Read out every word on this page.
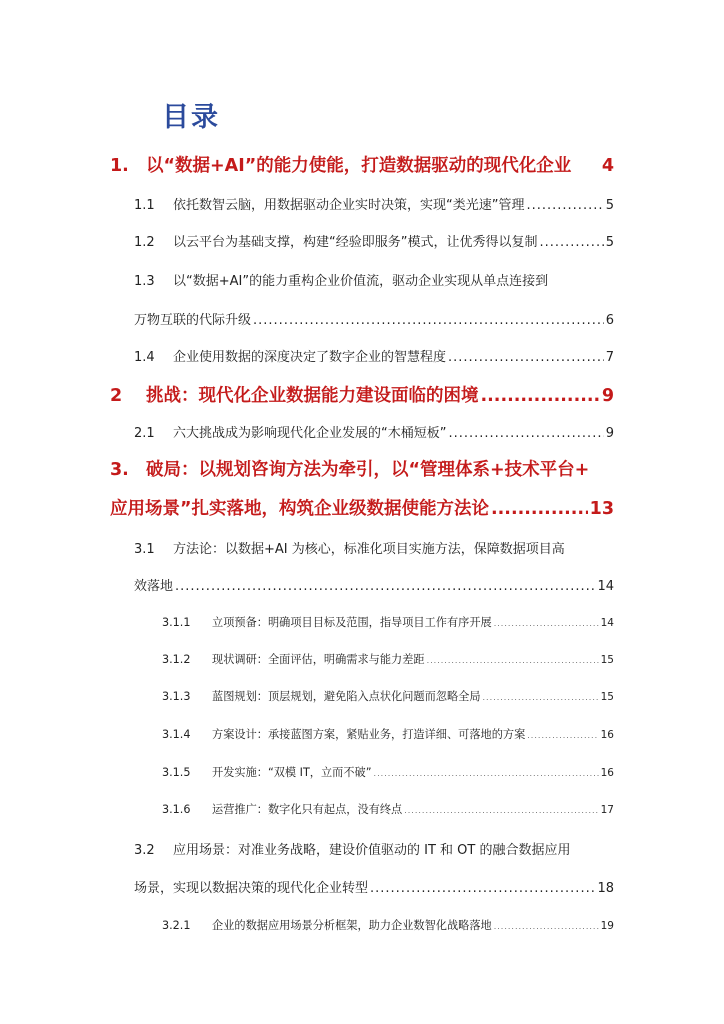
目录
1. 以“数据+AI”的能力使能，打造数据驱动的现代化企业 4
1.1	依托数智云脑，用数据驱动企业实时决策，实现“类光速”管理 .....	5
1.2	以云平台为基础支撑，构建“经验即服务”模式，让优秀得以复制 .....	5
1.3	以“数据+AI”的能力重构企业价值流，驱动企业实现从单点连接到
万物互联的代际升级 .....	6
1.4	企业使用数据的深度决定了数字企业的智慧程度 .....	7
2	挑战：现代化企业数据能力建设面临的困境 .....	9
2.1	六大挑战成为影响现代化企业发展的“木桶短板” .....	9
3. 破局：以规划咨询方法为牵引，以“管理体系+技术平台+
应用场景”扎实落地，构筑企业级数据使能方法论 .....	13
3.1	方法论：以数据+AI 为核心，标准化项目实施方法，保障数据项目高
效落地 .....	14
3.1.1	立项预备：明确项目目标及范围，指导项目工作有序开展 .....	14
3.1.2	现状调研：全面评估，明确需求与能力差距 .....	15
3.1.3	蓝图规划：顶层规划，避免陷入点状化问题而忽略全局 .....	15
3.1.4	方案设计：承接蓝图方案，紧贴业务，打造详细、可落地的方案 .....	16
3.1.5	开发实施：“双模 IT，立而不破” .....	16
3.1.6	运营推广：数字化只有起点，没有终点 .....	17
3.2	应用场景：对准业务战略，建设价值驱动的 IT 和 OT 的融合数据应用
场景，实现以数据决策的现代化企业转型 .....	18
3.2.1	企业的数据应用场景分析框架，助力企业数智化战略落地 .....	19
